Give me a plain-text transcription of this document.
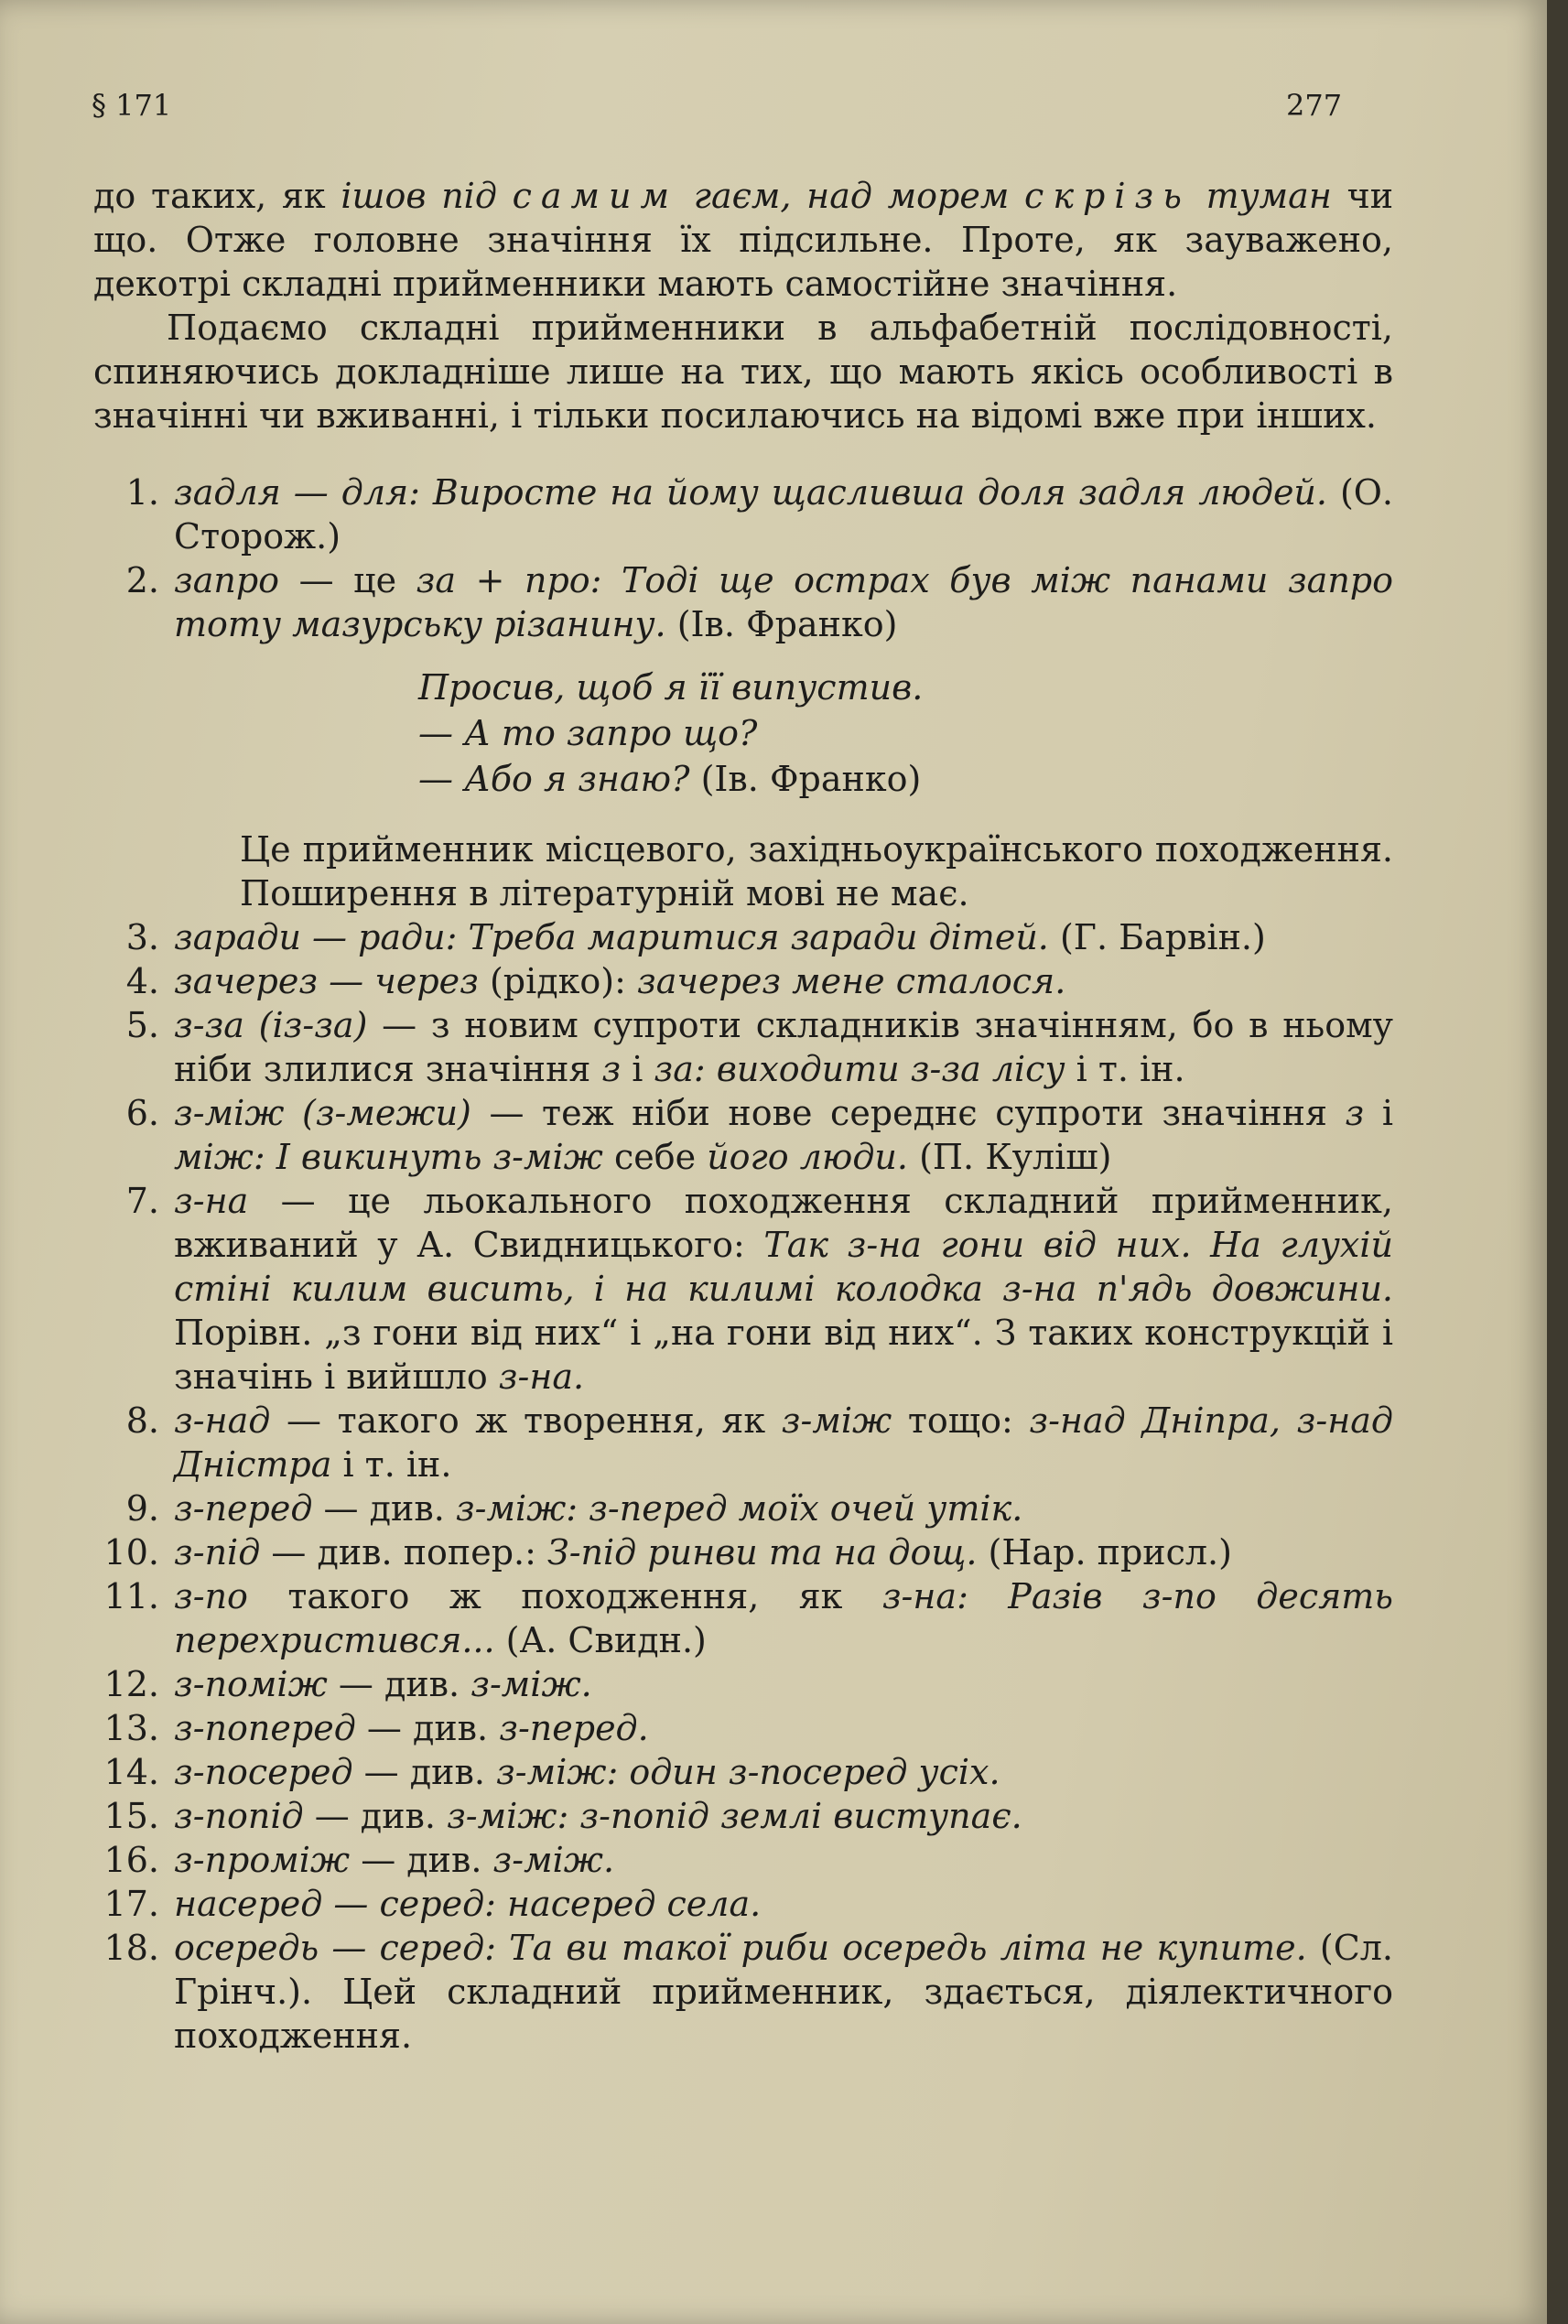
§ 171	277

до таких, як ішов під самим гаєм, над морем скрізь туман чи що. Отже головне значіння їх підсильне. Проте, як зауважено, декотрі складні прийменники мають самостійне значіння.

Подаємо складні прийменники в альфабетній послідовності, спиняючись докладніше лише на тих, що мають якісь особливості в значінні чи вживанні, і тільки посилаючись на відомі вже при інших.

1. задля — для: Виросте на йому щасливша доля задля людей. (О. Сторож.)

2. запро — це за + про: Тоді ще острах був між панами запро тоту мазурську різанину. (Ів. Франко)

Просив, щоб я її випустив.
— А то запро що?
— Або я знаю? (Ів. Франко)

Це прийменник місцевого, західньоукраїнського походження. Поширення в літературній мові не має.

3. заради — ради: Треба маритися заради дітей. (Г. Барвін.)

4. зачерез — через (рідко): зачерез мене сталося.

5. з-за (із-за) — з новим супроти складників значінням, бо в ньому ніби злилися значіння з і за: виходити з-за лісу і т. ін.

6. з-між (з-межи) — теж ніби нове середнє супроти значіння з і між: І викинуть з-між себе його люди. (П. Куліш)

7. з-на — це льокального походження складний прийменник, вживаний у А. Свидницького: Так з-на гони від них. На глухій стіні килим висить, і на килимі колодка з-на п'ядь довжини. Порівн. „з гони від них“ і „на гони від них“. З таких конструкцій і значінь і вийшло з-на.

8. з-над — такого ж творення, як з-між тощо: з-над Дніпра, з-над Дністра і т. ін.

9. з-перед — див. з-між: з-перед моїх очей утік.

10. з-під — див. попер.: З-під ринви та на дощ. (Нар. присл.)

11. з-по такого ж походження, як з-на: Разів з-по десять перехристився... (А. Свидн.)

12. з-поміж — див. з-між.

13. з-поперед — див. з-перед.

14. з-посеред — див. з-між: один з-посеред усіх.

15. з-попід — див. з-між: з-попід землі виступає.

16. з-проміж — див. з-між.

17. насеред — серед: насеред села.

18. осередь — серед: Та ви такої риби осередь літа не купите. (Сл. Грінч.). Цей складний прийменник, здається, діялектичного походження.
